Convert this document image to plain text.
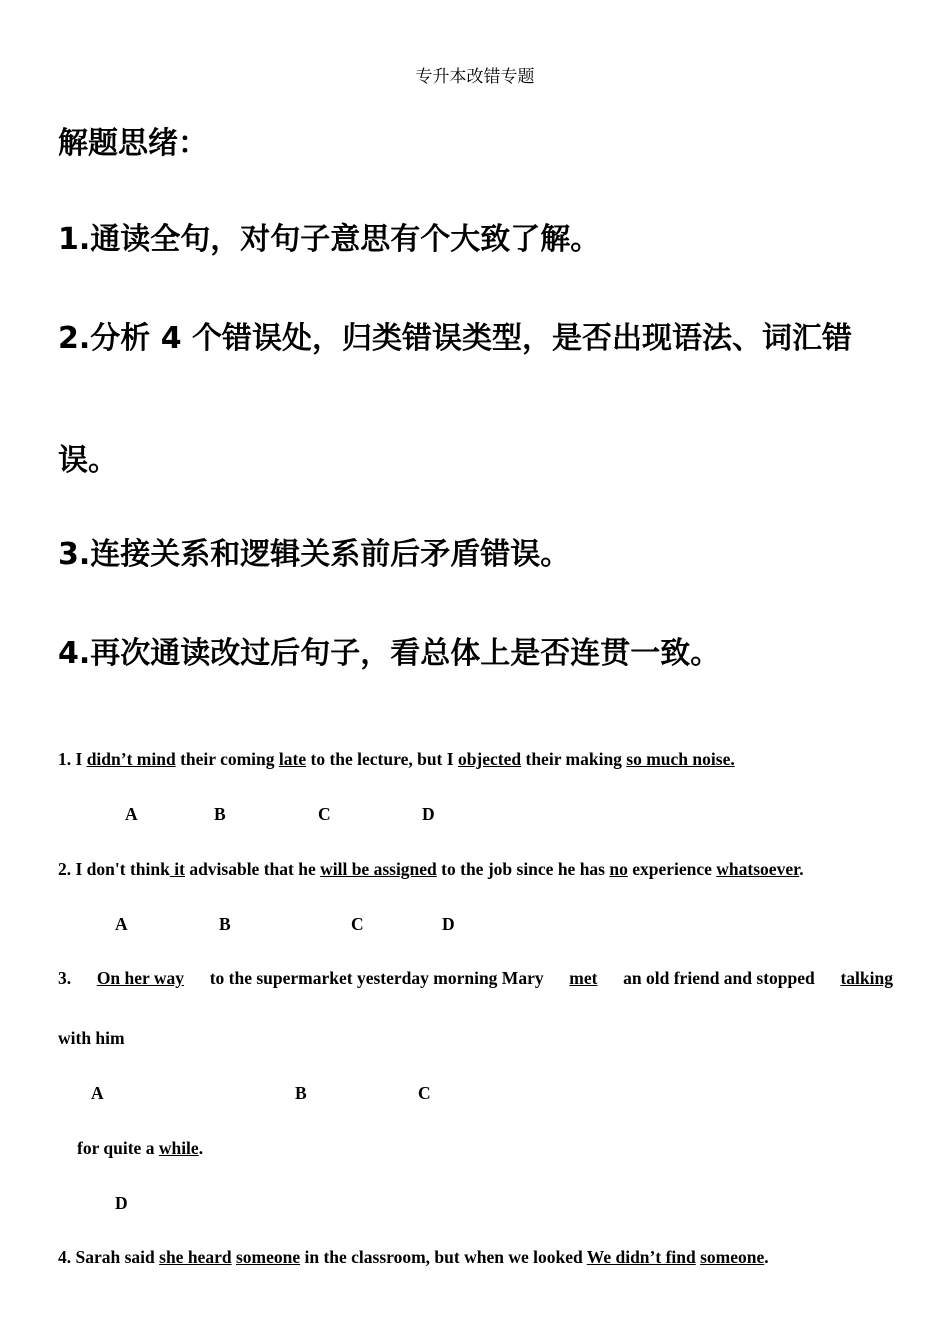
专升本改错专题
解题思绪：
1.通读全句，对句子意思有个大致了解。
2.分析 4 个错误处，归类错误类型，是否出现语法、词汇错
误。
3.连接关系和逻辑关系前后矛盾错误。
4.再次通读改过后句子，看总体上是否连贯一致。
1. I didn’t mind their coming late to the lecture, but I objected their making so much noise.
A	B	C	D
2. I don't think it advisable that he will be assigned to the job since he has no experience whatsoever.
A	B	C	D
3. On her way to the supermarket yesterday morning Mary met an old friend and stopped talking
with him
A	B	C
for quite a while.
D
4. Sarah said she heard someone in the classroom, but when we looked We didn’t find someone.
